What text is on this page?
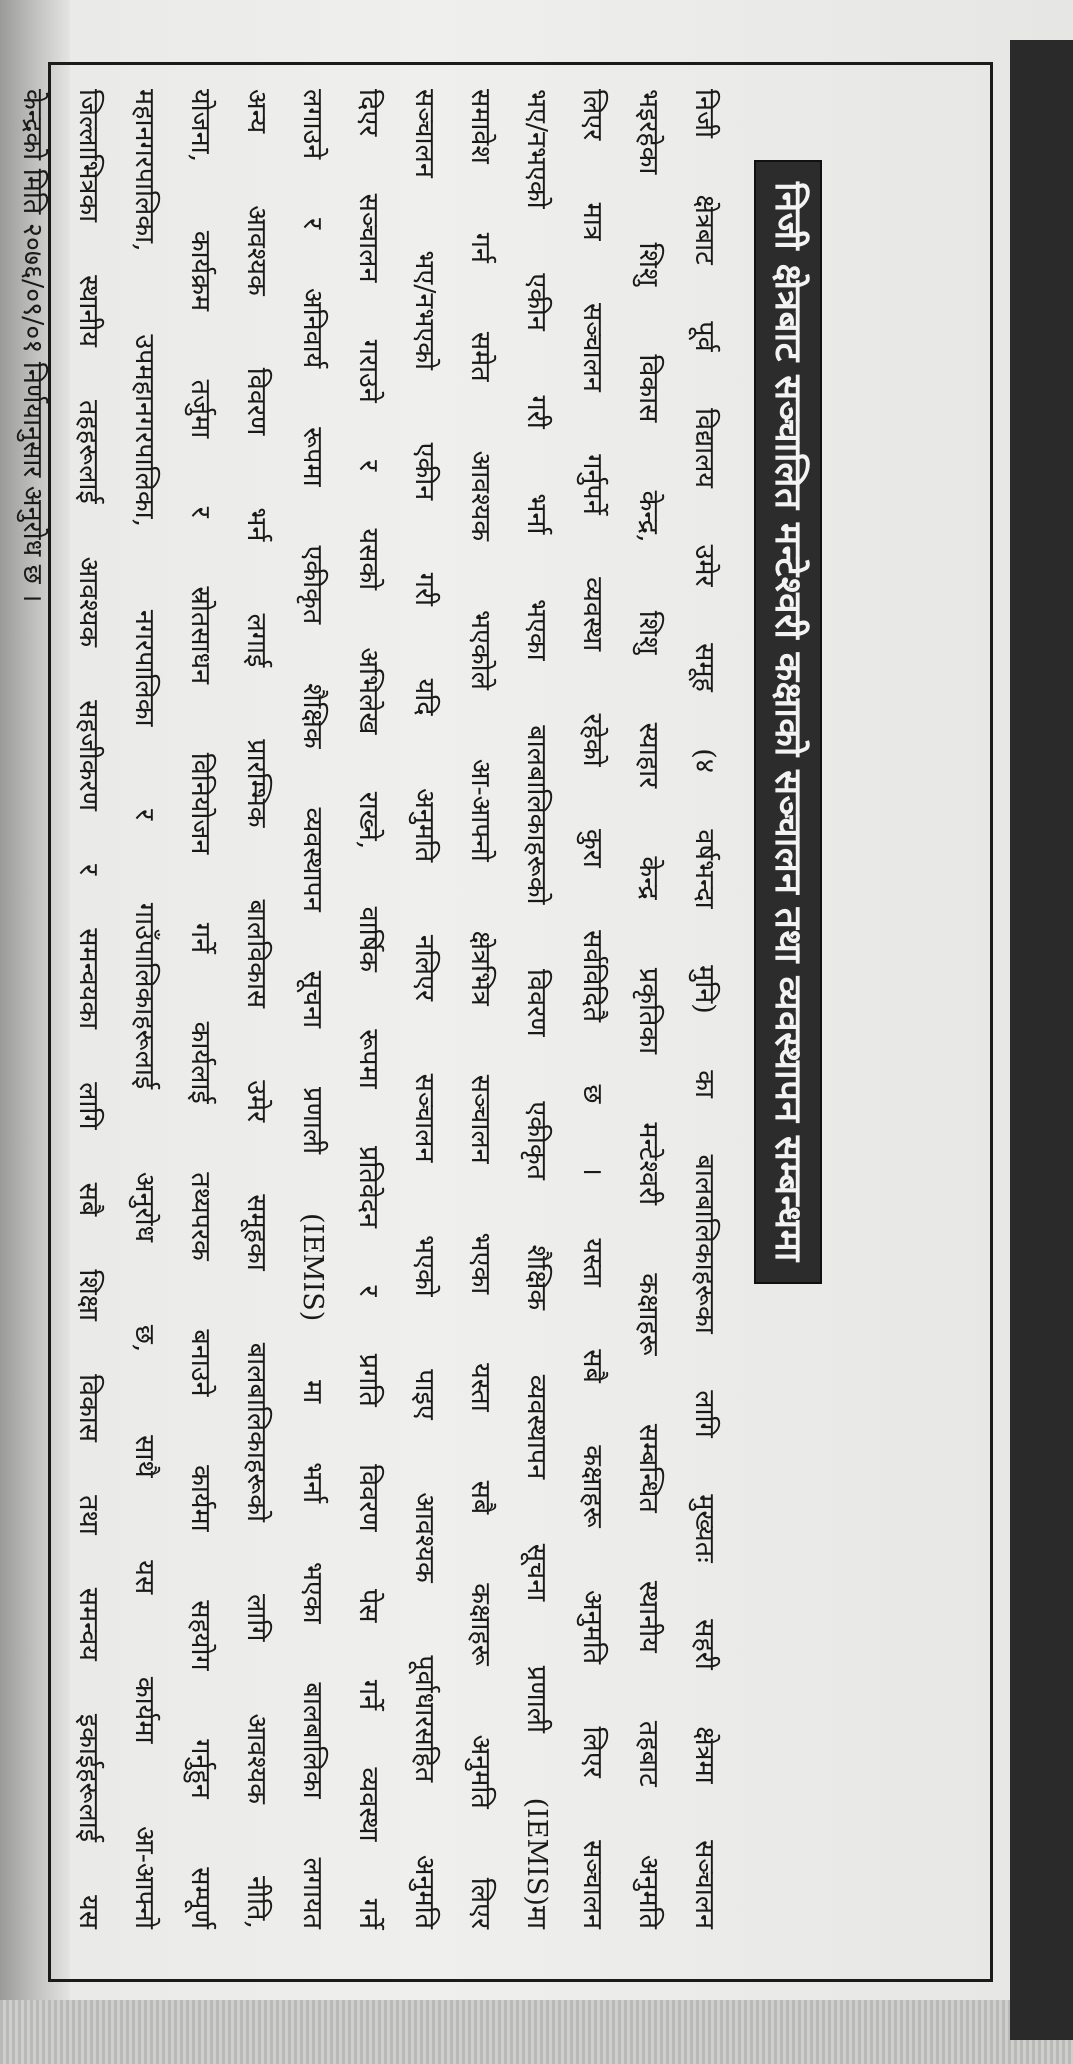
निजी क्षेत्रबाट सञ्चालित मन्टेश्वरी कक्षाको सञ्चालन तथा व्यवस्थापन सम्बन्धमा
निजी क्षेत्रबाट पूर्व विद्यालय उमेर समूह (४ वर्षभन्दा मुनि) का बालबालिकाहरूका लागि मुख्यतः सहरी क्षेत्रमा सञ्चालन
भइरहेका शिशु विकास केन्द्र, शिशु स्याहार केन्द्र प्रकृतिका मन्टेश्वरी कक्षाहरू सम्बन्धित स्थानीय तहबाट अनुमति
लिएर मात्र सञ्चालन गर्नुपर्ने व्यवस्था रहेको कुरा सर्वविदितै छ । यस्ता सबै कक्षाहरू अनुमति लिएर सञ्चालन
भए/नभएको एकीन गरी भर्ना भएका बालबालिकाहरूको विवरण एकीकृत शैक्षिक व्यवस्थापन सूचना प्रणाली (IEMIS)मा
समावेश गर्न समेत आवश्यक भएकोले आ-आफ्नो क्षेत्रभित्र सञ्चालन भएका यस्ता सबै कक्षाहरू अनुमति लिएर
सञ्चालन भए/नभएको एकीन गरी यदि अनुमति नलिएर सञ्चालन भएको पाइए आवश्यक पूर्वाधारसहित अनुमति
दिएर सञ्चालन गराउने र यसको अभिलेख राख्ने, वार्षिक रूपमा प्रतिवेदन र प्रगति विवरण पेस गर्ने व्यवस्था गर्ने
लगाउने र अनिवार्य रूपमा एकीकृत शैक्षिक व्यवस्थापन सूचना प्रणाली (IEMIS) मा भर्ना भएका बालबालिका लगायत
अन्य आवश्यक विवरण भर्न लगाई प्रारम्भिक बालविकास उमेर समूहका बालबालिकाहरूको लागि आवश्यक नीति,
योजना, कार्यक्रम तर्जुमा र स्रोतसाधन विनियोजन गर्ने कार्यलाई तथ्यपरक बनाउने कार्यमा सहयोग गर्नुहुन सम्पूर्ण
महानगरपालिका, उपमहानगरपालिका, नगरपालिका र गाउँपालिकाहरूलाई अनुरोध छ, साथै यस कार्यमा आ-आफ्नो
जिल्लाभित्रका स्थानीय तहहरूलाई आवश्यक सहजीकरण र समन्वयका लागि सबै शिक्षा विकास तथा समन्वय इकाईहरूलाई यस
केन्द्रको मिति २०७६/०९/०१ निर्णयानुसार अनुरोध छ ।
